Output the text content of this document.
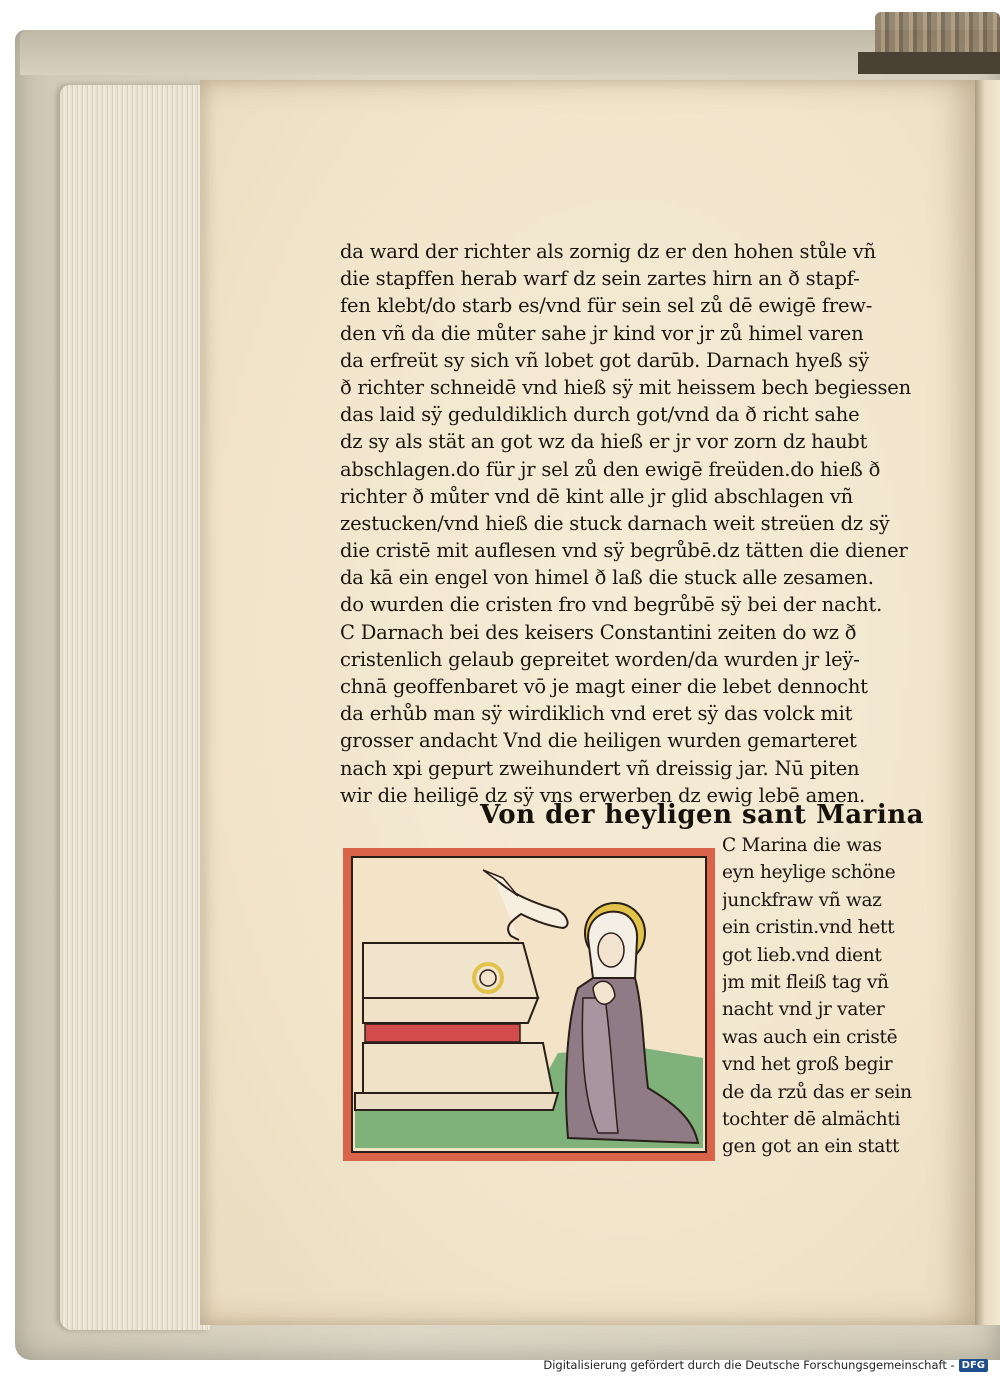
da ward der richter als zornig dz er den hohen stůle vñ
die stapffen herab warf dz sein zartes hirn an ð stapf-
fen klebt/do starb es/vnd für sein sel zů dē ewigē frew-
den vñ da die můter sahe jr kind vor jr zů himel varen
da erfreüt sy sich vñ lobet got darūb. Darnach hyeß sÿ
ð richter schneidē vnd hieß sÿ mit heissem bech begiessen
das laid sÿ geduldiklich durch got/vnd da ð richt sahe
dz sy als stät an got wz da hieß er jr vor zorn dz haubt
abschlagen.do für jr sel zů den ewigē freüden.do hieß ð
richter ð můter vnd dē kint alle jr glid abschlagen vñ
zestucken/vnd hieß die stuck darnach weit streüen dz sÿ
die cristē mit auflesen vnd sÿ begrůbē.dz tätten die diener
da kā ein engel von himel ð laß die stuck alle zesamen.
do wurden die cristen fro vnd begrůbē sÿ bei der nacht.
C Darnach bei des keisers Constantini zeiten do wz ð
cristenlich gelaub gepreitet worden/da wurden jr leÿ-
chnā geoffenbaret vō je magt einer die lebet dennocht
da erhůb man sÿ wirdiklich vnd eret sÿ das volck mit
grosser andacht Vnd die heiligen wurden gemarteret
nach xpi gepurt zweihundert vñ dreissig jar. Nū piten
wir die heiligē dz sÿ vns erwerben dz ewig lebē amen.
Von der heyligen sant Marina
C Marina die was
eyn heylige schöne
junckfraw vñ waz
ein cristin.vnd hett
got lieb.vnd dient
jm mit fleiß tag vñ
nacht vnd jr vater
was auch ein cristē
vnd het groß begir
de da rzů das er sein
tochter dē almächti
gen got an ein statt
Digitalisierung gefördert durch die Deutsche Forschungsgemeinschaft - DFG
